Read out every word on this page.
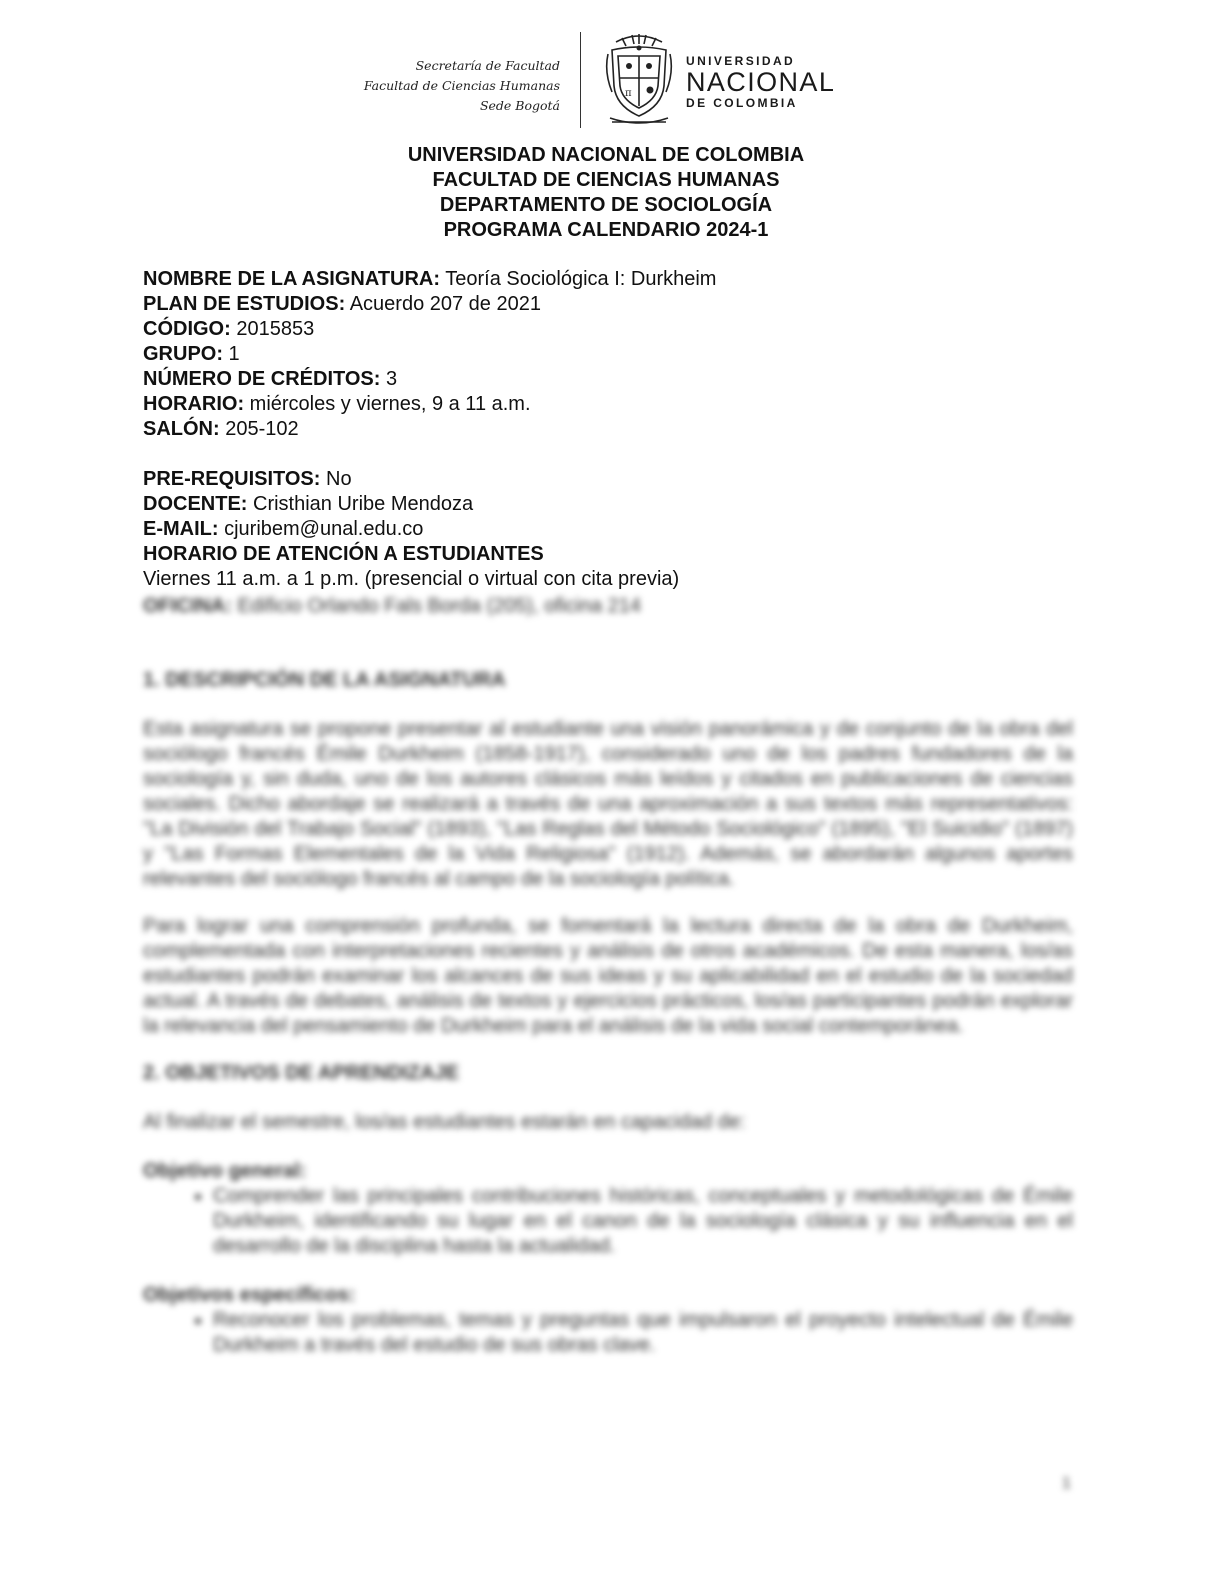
Secretaría de Facultad
Facultad de Ciencias Humanas
Sede Bogotá
π
UNIVERSIDAD
NACIONAL
DE COLOMBIA
UNIVERSIDAD NACIONAL DE COLOMBIA
FACULTAD DE CIENCIAS HUMANAS
DEPARTAMENTO DE SOCIOLOGÍA
PROGRAMA CALENDARIO 2024-1
NOMBRE DE LA ASIGNATURA: Teoría Sociológica I: Durkheim
PLAN DE ESTUDIOS: Acuerdo 207 de 2021
CÓDIGO: 2015853
GRUPO: 1
NÚMERO DE CRÉDITOS: 3
HORARIO: miércoles y viernes, 9 a 11 a.m.
SALÓN: 205-102
PRE-REQUISITOS: No
DOCENTE: Cristhian Uribe Mendoza
E-MAIL: cjuribem@unal.edu.co
HORARIO DE ATENCIÓN A ESTUDIANTES
Viernes 11 a.m. a 1 p.m. (presencial o virtual con cita previa)
OFICINA: Edificio Orlando Fals Borda (205), oficina 214
1. DESCRIPCIÓN DE LA ASIGNATURA
Esta asignatura se propone presentar al estudiante una visión panorámica y de conjunto de la obra del sociólogo francés Émile Durkheim (1858-1917), considerado uno de los padres fundadores de la sociología y, sin duda, uno de los autores clásicos más leídos y citados en publicaciones de ciencias sociales. Dicho abordaje se realizará a través de una aproximación a sus textos más representativos: "La División del Trabajo Social" (1893), "Las Reglas del Método Sociológico" (1895), "El Suicidio" (1897) y "Las Formas Elementales de la Vida Religiosa" (1912). Además, se abordarán algunos aportes relevantes del sociólogo francés al campo de la sociología política.
Para lograr una comprensión profunda, se fomentará la lectura directa de la obra de Durkheim, complementada con interpretaciones recientes y análisis de otros académicos. De esta manera, los/as estudiantes podrán examinar los alcances de sus ideas y su aplicabilidad en el estudio de la sociedad actual. A través de debates, análisis de textos y ejercicios prácticos, los/as participantes podrán explorar la relevancia del pensamiento de Durkheim para el análisis de la vida social contemporánea.
2. OBJETIVOS DE APRENDIZAJE
Al finalizar el semestre, los/as estudiantes estarán en capacidad de:
Objetivo general:
• Comprender las principales contribuciones históricas, conceptuales y metodológicas de Émile Durkheim, identificando su lugar en el canon de la sociología clásica y su influencia en el desarrollo de la disciplina hasta la actualidad.
Objetivos específicos:
• Reconocer los problemas, temas y preguntas que impulsaron el proyecto intelectual de Émile Durkheim a través del estudio de sus obras clave.
1
